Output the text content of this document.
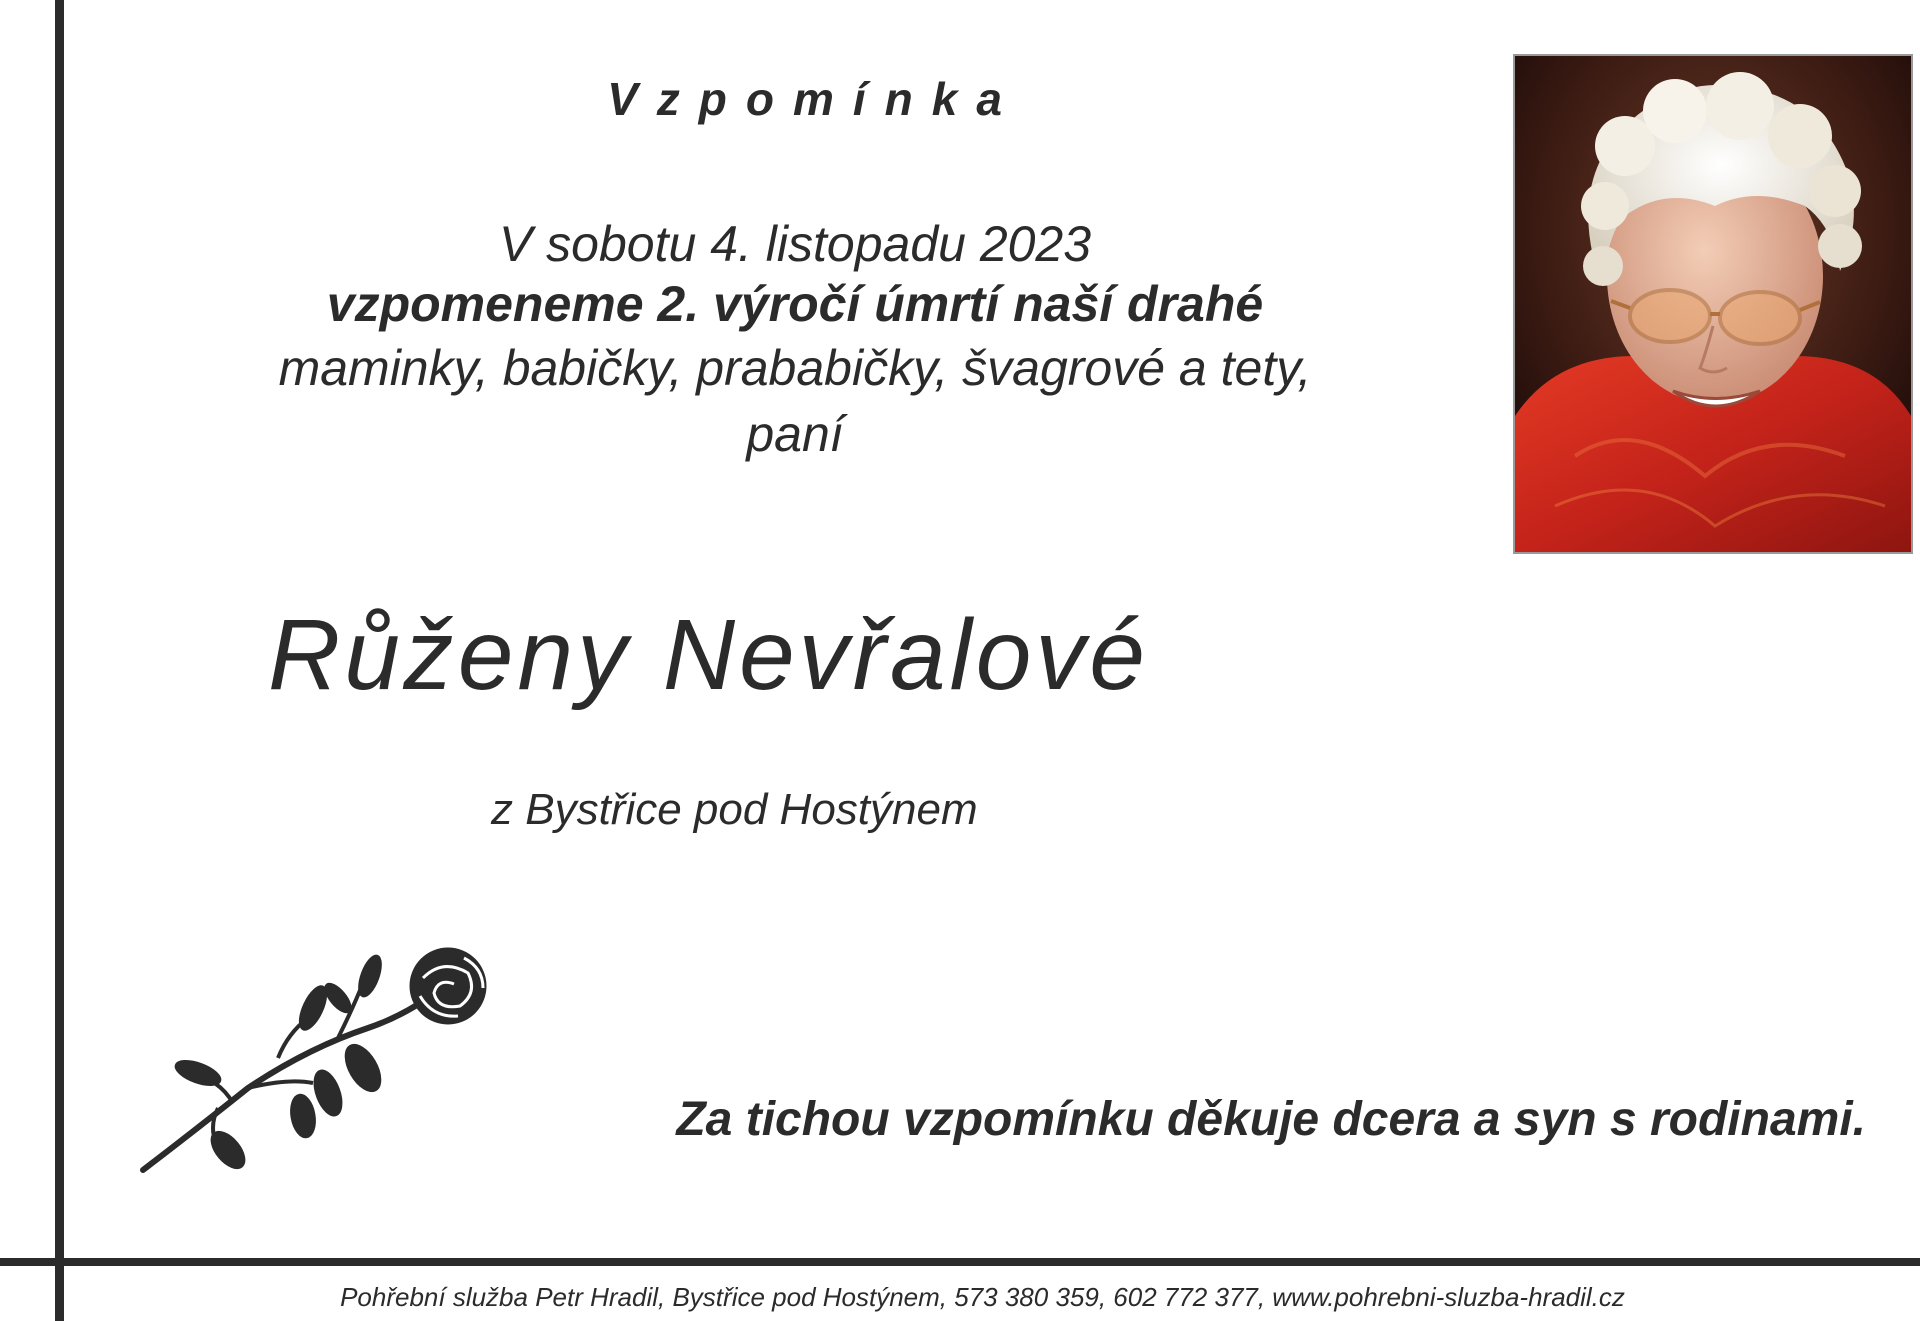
Vzpomínka
V sobotu 4. listopadu 2023
vzpomeneme 2. výročí úmrtí naší drahé
maminky, babičky, prababičky, švagrové a tety,
paní
Růženy Nevřalové
z Bystřice pod Hostýnem
Za tichou vzpomínku děkuje dcera a syn s rodinami.
Pohřební služba Petr Hradil, Bystřice pod Hostýnem, 573 380 359, 602 772 377, www.pohrebni-sluzba-hradil.cz
